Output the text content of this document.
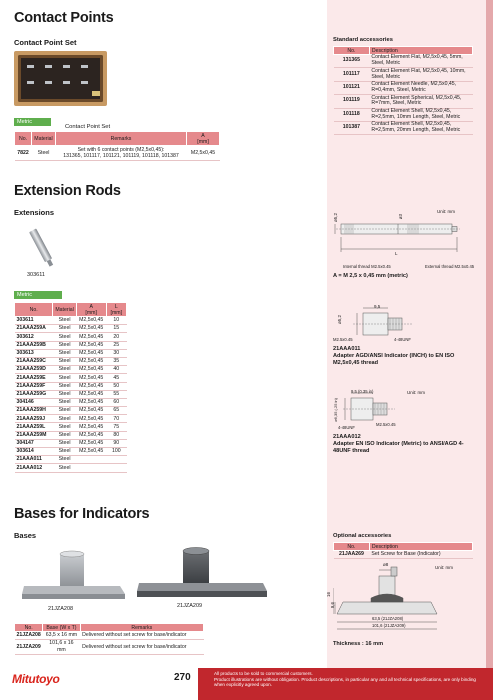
Contact Points
Contact Point Set
Metric
Contact Point Set
No.	Material	Remarks	A
[mm]
7822	Steel	Set with 6 contact points (M2,5x0,45):
131365, 101117, 101121, 101119, 101118, 101387	M2,5x0,45
Standard accessories
No.	Description
131365	Contact Element Flat, M2,5x0,45, 5mm, Steel, Metric
101117	Contact Element Flat, M2,5x0,45, 10mm, Steel, Metric
101121	Contact Element Needle, M2,5x0,45, R=0,4mm, Steel, Metric
101119	Contact Element Spherical, M2,5x0,45, R=7mm, Steel, Metric
101118	Contact Element Shell, M2,5x0,45, R=2,5mm, 10mm Length, Steel, Metric
101387	Contact Element Shell, M2,5x0,45, R=2,5mm, 20mm Length, Steel, Metric
Extension Rods
Extensions
303611
Metric
No.	Material	A
[mm]	L
[mm]
303611	Steel	M2,5x0,45	10
21AAA259A	Steel	M2,5x0,45	15
303612	Steel	M2,5x0,45	20
21AAA259B	Steel	M2,5x0,45	25
303613	Steel	M2,5x0,45	30
21AAA259C	Steel	M2,5x0,45	35
21AAA259D	Steel	M2,5x0,45	40
21AAA259E	Steel	M2,5x0,45	45
21AAA259F	Steel	M2,5x0,45	50
21AAA259G	Steel	M2,5x0,45	55
304146	Steel	M2,5x0,45	60
21AAA259H	Steel	M2,5x0,45	65
21AAA259J	Steel	M2,5x0,45	70
21AAA259L	Steel	M2,5x0,45	75
21AAA259M	Steel	M2,5x0,45	80
304147	Steel	M2,5x0,45	90
303614	Steel	M2,5x0,45	100
21AAA011	Steel		
21AAA012	Steel		
Unit: mm
ø5,2	ø3
L
Internal thread M2.5x0.45	External thread M2.5x0.45
A = M 2,5 x 0,45 mm (metric)
9,5
ø5,2
M2.5x0.45	4-48UNF
21AAA011
Adapter AGD/ANSI Indicator (INCH) to EN ISO M2,5x0,45 thread
9,5 (0.35 in)	Unit: mm
ø6,35 (.25 in)
4-48UNF
M2.5x0.45
21AAA012
Adapter EN ISO Indicator (Metric) to ANSI/AGD 4-48UNF thread
Bases for Indicators
Bases
21JZA208	21JZA209
No.	Base (W x T)	Remarks
21JZA208	63,5 x 16 mm	Delivered without set screw for base/indicator
21JZA209	101,6 x 16 mm	Delivered without set screw for base/indicator
Optional accessories
No.	Description
21JAA269	Set Screw for Base (Indicator)
Unit: mm
ø8
16
9,6
63,5 (21JZA208)
101,6 (21JZA209)
Thickness : 16 mm
Mitutoyo	270	All products to be sold to commercial customers.
Product illustrations are without obligation. Product descriptions, in particular any and all technical specifications, are only binding when explicitly agreed upon.
